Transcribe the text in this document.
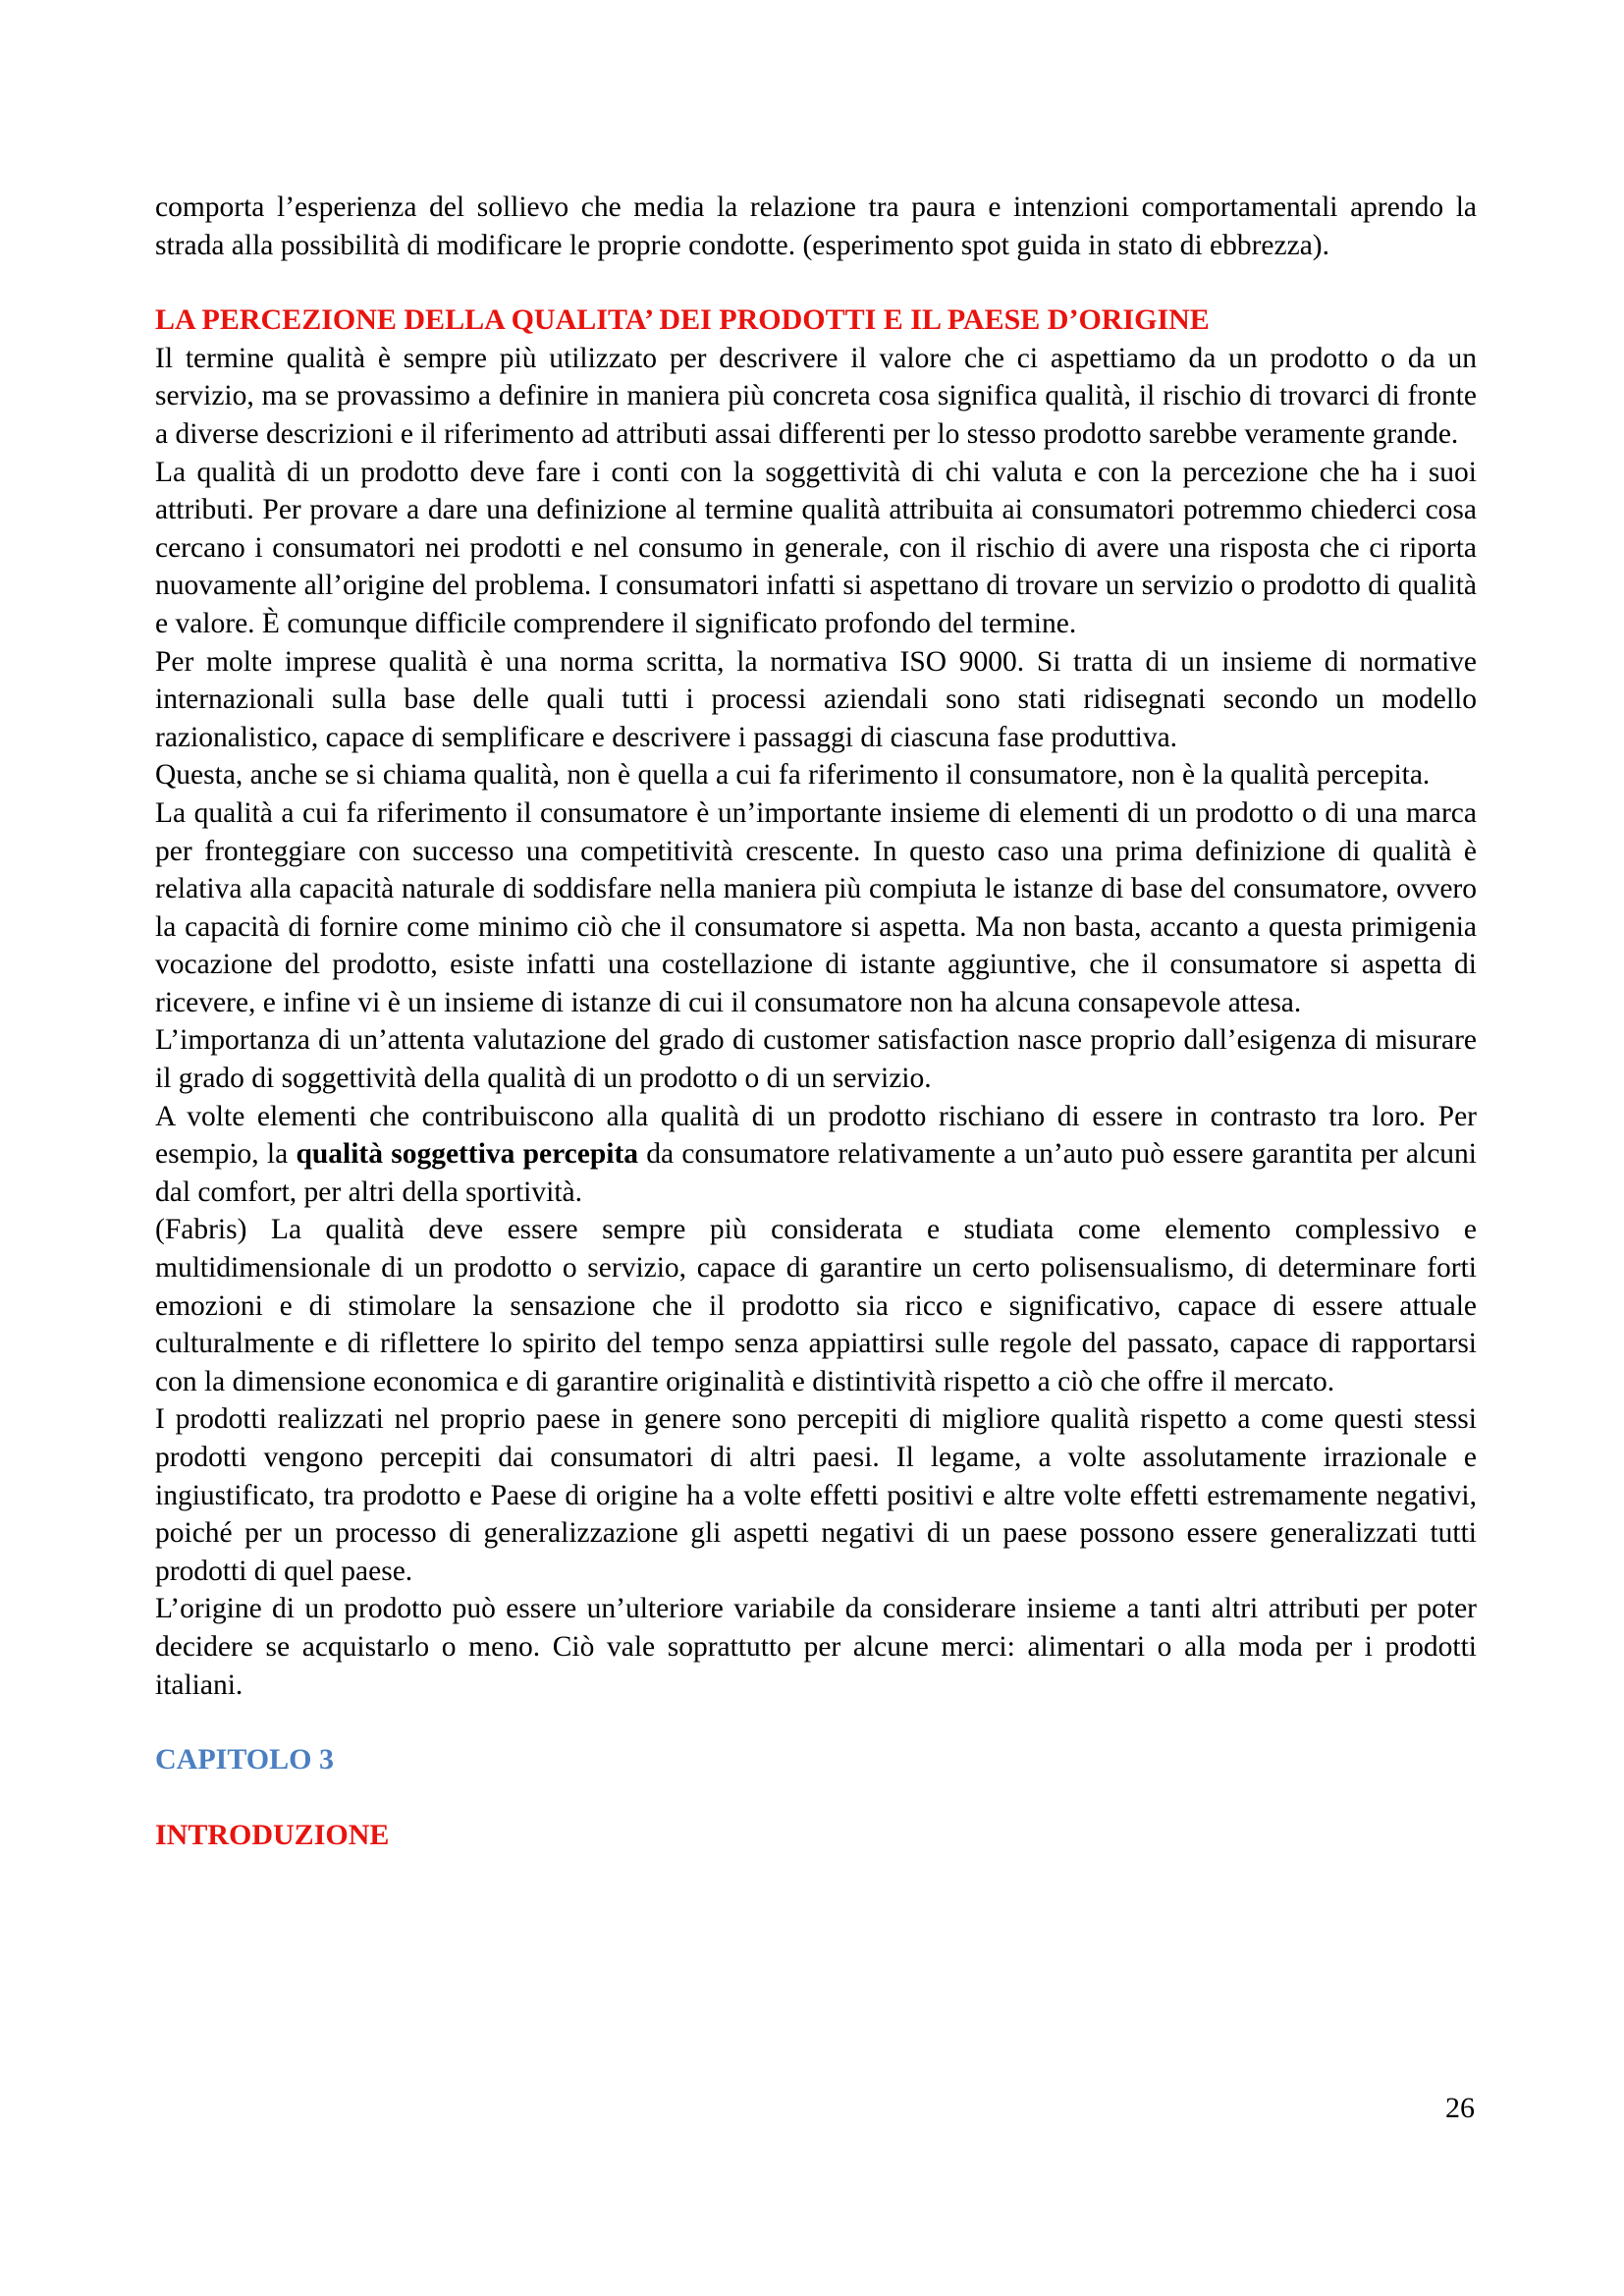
comporta l’esperienza del sollievo che media la relazione tra paura e intenzioni comportamentali aprendo la strada alla possibilità di modificare le proprie condotte. (esperimento spot guida in stato di ebbrezza).

LA PERCEZIONE DELLA QUALITA’ DEI PRODOTTI E IL PAESE D’ORIGINE

Il termine qualità è sempre più utilizzato per descrivere il valore che ci aspettiamo da un prodotto o da un servizio, ma se provassimo a definire in maniera più concreta cosa significa qualità, il rischio di trovarci di fronte a diverse descrizioni e il riferimento ad attributi assai differenti per lo stesso prodotto sarebbe veramente grande.

La qualità di un prodotto deve fare i conti con la soggettività di chi valuta e con la percezione che ha i suoi attributi. Per provare a dare una definizione al termine qualità attribuita ai consumatori potremmo chiederci cosa cercano i consumatori nei prodotti e nel consumo in generale, con il rischio di avere una risposta che ci riporta nuovamente all’origine del problema. I consumatori infatti si aspettano di trovare un servizio o prodotto di qualità e valore. È comunque difficile comprendere il significato profondo del termine.

Per molte imprese qualità è una norma scritta, la normativa ISO 9000. Si tratta di un insieme di normative internazionali sulla base delle quali tutti i processi aziendali sono stati ridisegnati secondo un modello razionalistico, capace di semplificare e descrivere i passaggi di ciascuna fase produttiva.

Questa, anche se si chiama qualità, non è quella a cui fa riferimento il consumatore, non è la qualità percepita.

La qualità a cui fa riferimento il consumatore è un’importante insieme di elementi di un prodotto o di una marca per fronteggiare con successo una competitività crescente. In questo caso una prima definizione di qualità è relativa alla capacità naturale di soddisfare nella maniera più compiuta le istanze di base del consumatore, ovvero la capacità di fornire come minimo ciò che il consumatore si aspetta. Ma non basta, accanto a questa primigenia vocazione del prodotto, esiste infatti una costellazione di istante aggiuntive, che il consumatore si aspetta di ricevere, e infine vi è un insieme di istanze di cui il consumatore non ha alcuna consapevole attesa.

L’importanza di un’attenta valutazione del grado di customer satisfaction nasce proprio dall’esigenza di misurare il grado di soggettività della qualità di un prodotto o di un servizio.

A volte elementi che contribuiscono alla qualità di un prodotto rischiano di essere in contrasto tra loro. Per esempio, la qualità soggettiva percepita da consumatore relativamente a un’auto può essere garantita per alcuni dal comfort, per altri della sportività.

(Fabris) La qualità deve essere sempre più considerata e studiata come elemento complessivo e multidimensionale di un prodotto o servizio, capace di garantire un certo polisensualismo, di determinare forti emozioni e di stimolare la sensazione che il prodotto sia ricco e significativo, capace di essere attuale culturalmente e di riflettere lo spirito del tempo senza appiattirsi sulle regole del passato, capace di rapportarsi con la dimensione economica e di garantire originalità e distintività rispetto a ciò che offre il mercato.

I prodotti realizzati nel proprio paese in genere sono percepiti di migliore qualità rispetto a come questi stessi prodotti vengono percepiti dai consumatori di altri paesi. Il legame, a volte assolutamente irrazionale e ingiustificato, tra prodotto e Paese di origine ha a volte effetti positivi e altre volte effetti estremamente negativi, poiché per un processo di generalizzazione gli aspetti negativi di un paese possono essere generalizzati tutti prodotti di quel paese.

L’origine di un prodotto può essere un’ulteriore variabile da considerare insieme a tanti altri attributi per poter decidere se acquistarlo o meno. Ciò vale soprattutto per alcune merci: alimentari o alla moda per i prodotti italiani.

CAPITOLO 3

INTRODUZIONE

26
